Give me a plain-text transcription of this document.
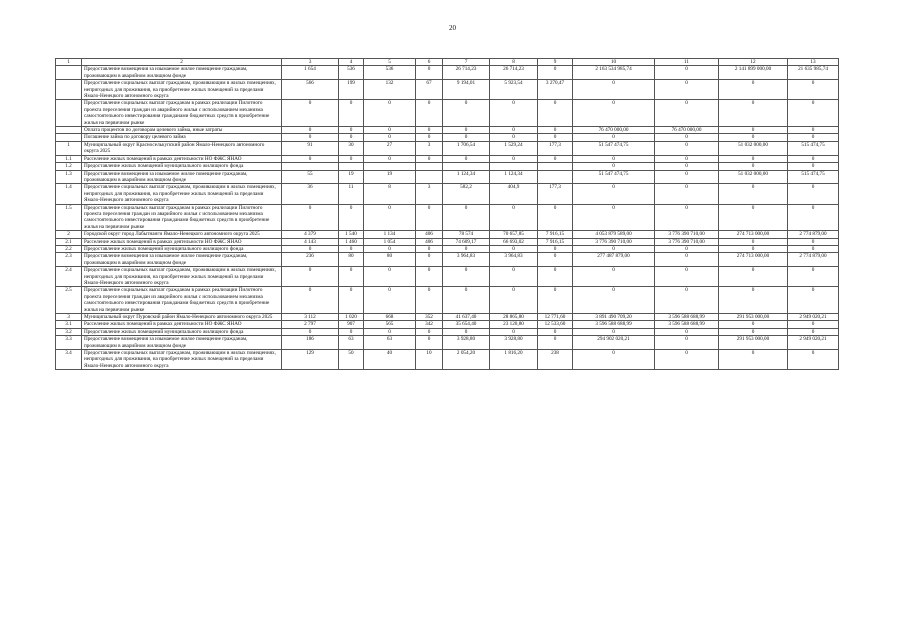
20
1	2	3	4	5	6	7	8	9	10	11	12	13
	Предоставление возмещения за изымаемое жилое помещение гражданам, проживающим в аварийном жилищном фонде	1 654	536	536	0	26 714,23	26 714,23	0	2 163 534 985,74	0	2 141 899 000,00	21 635 985,74
	Предоставление социальных выплат гражданам, проживающим в жилых помещениях, непригодных для проживания, на приобретение жилых помещений за пределами Ямало-Ненецкого автономного округа	566	199	132	67	9 194,01	5 923,54	3 270,47	0	0	0	0
	Предоставление социальных выплат гражданам в рамках реализации Пилотного проекта переселения граждан из аварийного жилья с использованием механизма самостоятельного инвестирования гражданами бюджетных средств в приобретение жилья на первичном рынке	0	0	0	0	0	0	0	0	0	0	0
	Оплата процентов по договорам целевого займа, иные затраты	0	0	0	0	0	0	0	76 470 000,00	76 470 000,00	0	0
	Погашение займа по договору целевого займа	0	0	0	0	0	0	0	0	0	0	0
1	Муниципальный округ Красноселькупский район Ямало-Ненецкого автономного округа 2025	91	30	27	3	1 706,54	1 529,24	177,3	51 547 474,75	0	51 032 000,00	515 474,75
1.1	Расселение жилых помещений в рамках деятельности НО ФЖС ЯНАО	0	0	0	0	0	0	0	0	0	0	0
1.2	Предоставление жилых помещений муниципального жилищного фонда								0	0	0	0
1.3	Предоставление возмещения за изымаемое жилое помещение гражданам, проживающим в аварийном жилищном фонде	55	19	19		1 124,34	1 124,34		51 547 474,75	0	51 032 000,00	515 474,75
1.4	Предоставление социальных выплат гражданам, проживающим в жилых помещениях, непригодных для проживания, на приобретение жилых помещений за пределами Ямало-Ненецкого автономного округа	36	11	8	3	582,2	404,9	177,3	0	0	0	0
1.5	Предоставление социальных выплат гражданам в рамках реализации Пилотного проекта переселения граждан из аварийного жилья с использованием механизма самостоятельного инвестирования гражданами бюджетных средств в приобретение жилья на первичном рынке	0	0	0	0	0	0	0	0	0	0	0
2	Городской округ город Лабытнанги Ямало-Ненецкого автономного округа 2025	4 379	1 540	1 134	406	78 574	70 657,85	7 916,15	4 053 879 589,00	3 776 390 710,00	274 713 000,00	2 774 879,00
2.1	Расселение жилых помещений в рамках деятельности НО ФЖС ЯНАО	4 143	1 460	1 054	406	74 609,17	66 693,02	7 916,15	3 776 390 710,00	3 776 390 710,00	0	0
2.2	Предоставление жилых помещений муниципального жилищного фонда	0	0	0	0	0	0	0	0	0	0	0
2.3	Предоставление возмещения за изымаемое жилое помещение гражданам, проживающим в аварийном жилищном фонде	236	80	80	0	3 964,83	3 964,83	0	277 487 879,00	0	274 713 000,00	2 774 879,00
2.4	Предоставление социальных выплат гражданам, проживающим в жилых помещениях, непригодных для проживания, на приобретение жилых помещений за пределами Ямало-Ненецкого автономного округа	0	0	0	0	0	0	0	0	0	0	0
2.5	Предоставление социальных выплат гражданам в рамках реализации Пилотного проекта переселения граждан из аварийного жилья с использованием механизма самостоятельного инвестирования гражданами бюджетных средств в приобретение жилья на первичном рынке	0	0	0	0	0	0	0	0	0	0	0
3	Муниципальный округ Пуровский район Ямало-Ненецкого автономного округа 2025	3 112	1 020	668	352	41 637,40	28 865,80	12 771,60	3 891 490 709,20	3 596 588 688,99	291 953 000,00	2 949 020,21
3.1	Расселение жилых помещений в рамках деятельности НО ФЖС ЯНАО	2 797	907	565	342	35 654,40	23 120,80	12 533,60	3 596 588 688,99	3 596 588 688,99	0	0
3.2	Предоставление жилых помещений муниципального жилищного фонда	0	0	0	0	0	0	0	0	0	0	0
3.3	Предоставление возмещения за изымаемое жилое помещение гражданам, проживающим в аварийном жилищном фонде	186	63	63	0	3 928,80	3 928,80	0	294 902 020,21	0	291 953 000,00	2 949 020,21
3.4	Предоставление социальных выплат гражданам, проживающим в жилых помещениях, непригодных для проживания, на приобретение жилых помещений за пределами Ямало-Ненецкого автономного округа	129	50	40	10	2 054,20	1 816,20	238	0	0	0	0
